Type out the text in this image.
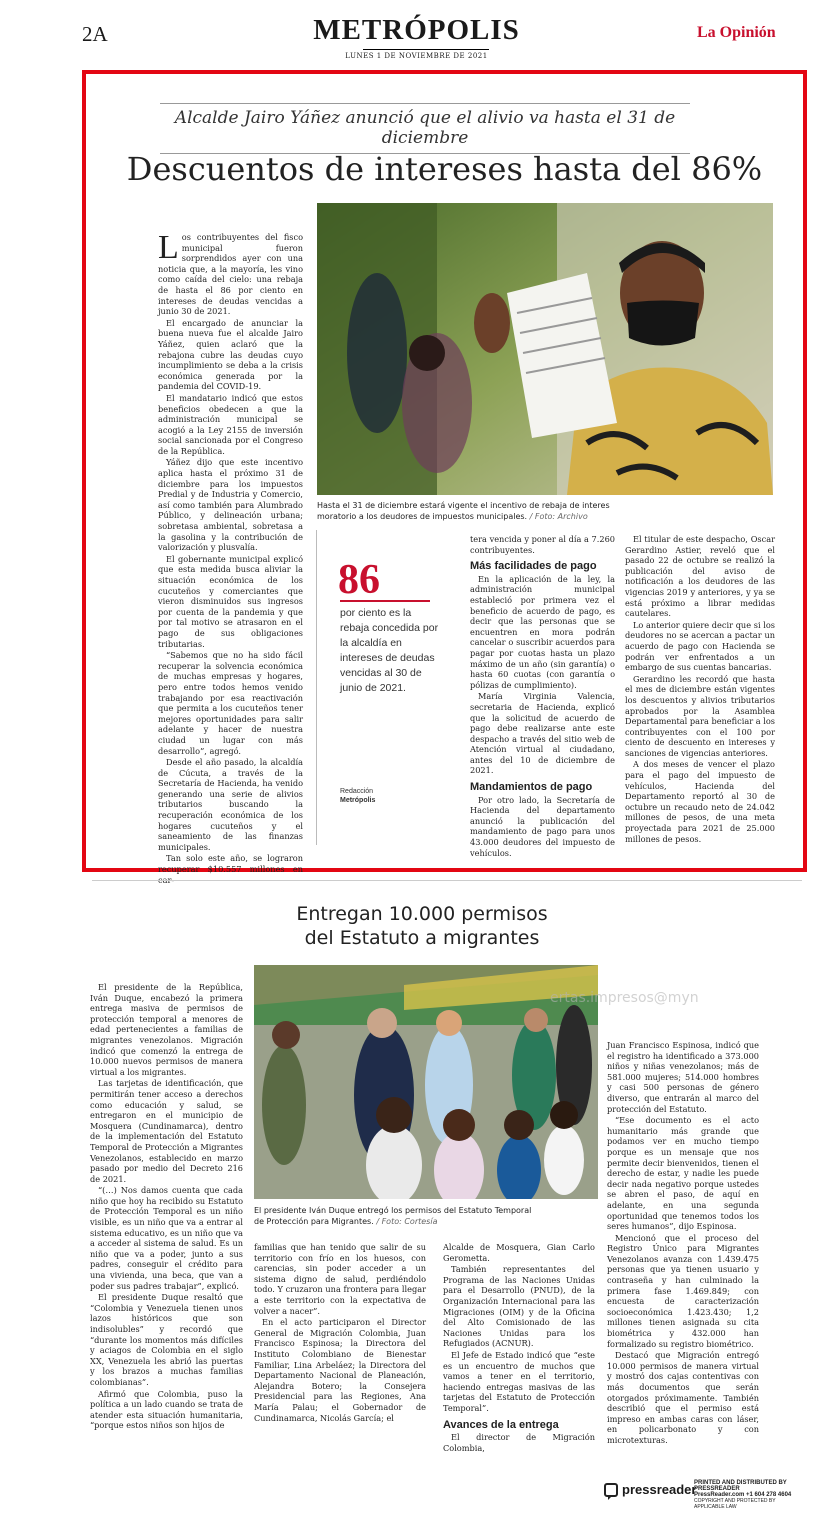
2A	METRÓPOLIS
LUNES 1 DE NOVIEMBRE DE 2021
La Opinión
Alcalde Jairo Yáñez anunció que el alivio va hasta el 31 de diciembre
Descuentos de intereses hasta del 86%
Hasta el 31 de diciembre estará vigente el incentivo de rebaja de interes moratorio a los deudores de impuestos municipales. / Foto: Archivo

Los contribuyentes del fisco municipal fueron sorprendidos ayer con una noticia que, a la mayoría, les vino como caída del cielo: una rebaja de hasta el 86 por ciento en intereses de deudas vencidas a junio 30 de 2021.

El encargado de anunciar la buena nueva fue el alcalde Jairo Yáñez, quien aclaró que la rebajona cubre las deudas cuyo incumplimiento se deba a la crisis económica generada por la pandemia del COVID-19.

El mandatario indicó que estos beneficios obedecen a que la administración municipal se acogió a la Ley 2155 de inversión social sancionada por el Congreso de la República.

Yáñez dijo que este incentivo aplica hasta el próximo 31 de diciembre para los impuestos Predial y de Industria y Comercio, así como también para Alumbrado Público, y delineación urbana; sobretasa ambiental, sobretasa a la gasolina y la contribución de valorización y plusvalía.

El gobernante municipal explicó que esta medida busca aliviar la situación económica de los cucuteños y comerciantes que vieron disminuidos sus ingresos por cuenta de la pandemia y que por tal motivo se atrasaron en el pago de sus obligaciones tributarias.

“Sabemos que no ha sido fácil recuperar la solvencia económica de muchas empresas y hogares, pero entre todos hemos venido trabajando por esa reactivación que permita a los cucuteños tener mejores oportunidades para salir adelante y hacer de nuestra ciudad un lugar con más desarrollo”, agregó.

Desde el año pasado, la alcaldía de Cúcuta, a través de la Secretaría de Hacienda, ha venido generando una serie de alivios tributarios buscando la recuperación económica de los hogares cucuteños y el saneamiento de las finanzas municipales.

Tan solo este año, se lograron recuperar $10.557 millones en car-

86
por ciento es la rebaja concedida por la alcaldía en intereses de deudas vencidas al 30 de junio de 2021.
Redacción
Metrópolis

tera vencida y poner al día a 7.260 contribuyentes.

Más facilidades de pago

En la aplicación de la ley, la administración municipal estableció por primera vez el beneficio de acuerdo de pago, es decir que las personas que se encuentren en mora podrán cancelar o suscribir acuerdos para pagar por cuotas hasta un plazo máximo de un año (sin garantía) o hasta 60 cuotas (con garantía o pólizas de cumplimiento).

María Virginia Valencia, secretaria de Hacienda, explicó que la solicitud de acuerdo de pago debe realizarse ante este despacho a través del sitio web de Atención virtual al ciudadano, antes del 10 de diciembre de 2021.

Mandamientos de pago

Por otro lado, la Secretaría de Hacienda del departamento anunció la publicación del mandamiento de pago para unos 43.000 deudores del impuesto de vehículos.

El titular de este despacho, Oscar Gerardino Astier, reveló que el pasado 22 de octubre se realizó la publicación del aviso de notificación a los deudores de las vigencias 2019 y anteriores, y ya se está próximo a librar medidas cautelares.

Lo anterior quiere decir que si los deudores no se acercan a pactar un acuerdo de pago con Hacienda se podrán ver enfrentados a un embargo de sus cuentas bancarias.

Gerardino les recordó que hasta el mes de diciembre están vigentes los descuentos y alivios tributarios aprobados por la Asamblea Departamental para beneficiar a los contribuyentes con el 100 por ciento de descuento en intereses y sanciones de vigencias anteriores.

A dos meses de vencer el plazo para el pago del impuesto de vehículos, Hacienda del Departamento reportó al 30 de octubre un recaudo neto de 24.042 millones de pesos, de una meta proyectada para 2021 de 25.000 millones de pesos.

Entregan 10.000 permisos
del Estatuto a migrantes
ertas.impresos@myn
El presidente Iván Duque entregó los permisos del Estatuto Temporal de Protección para Migrantes. / Foto: Cortesía

El presidente de la República, Iván Duque, encabezó la primera entrega masiva de permisos de protección temporal a menores de edad pertenecientes a familias de migrantes venezolanos. Migración indicó que comenzó la entrega de 10.000 nuevos permisos de manera virtual a los migrantes.

Las tarjetas de identificación, que permitirán tener acceso a derechos como educación y salud, se entregaron en el municipio de Mosquera (Cundinamarca), dentro de la implementación del Estatuto Temporal de Protección a Migrantes Venezolanos, establecido en marzo pasado por medio del Decreto 216 de 2021.

“(…) Nos damos cuenta que cada niño que hoy ha recibido su Estatuto de Protección Temporal es un niño visible, es un niño que va a entrar al sistema educativo, es un niño que va a acceder al sistema de salud. Es un niño que va a poder, junto a sus padres, conseguir el crédito para una vivienda, una beca, que van a poder sus padres trabajar”, explicó.

El presidente Duque resaltó que “Colombia y Venezuela tienen unos lazos históricos que son indisolubles” y recordó que “durante los momentos más difíciles y aciagos de Colombia en el siglo XX, Venezuela les abrió las puertas y los brazos a muchas familias colombianas”.

Afirmó que Colombia, puso la política a un lado cuando se trata de atender esta situación humanitaria, “porque estos niños son hijos de

familias que han tenido que salir de su territorio con frío en los huesos, con carencias, sin poder acceder a un sistema digno de salud, perdiéndolo todo. Y cruzaron una frontera para llegar a este territorio con la expectativa de volver a nacer”.

En el acto participaron el Director General de Migración Colombia, Juan Francisco Espinosa; la Directora del Instituto Colombiano de Bienestar Familiar, Lina Arbeláez; la Directora del Departamento Nacional de Planeación, Alejandra Botero; la Consejera Presidencial para las Regiones, Ana María Palau; el Gobernador de Cundinamarca, Nicolás García; el

Alcalde de Mosquera, Gian Carlo Gerometta.

También representantes del Programa de las Naciones Unidas para el Desarrollo (PNUD), de la Organización Internacional para las Migraciones (OIM) y de la Oficina del Alto Comisionado de las Naciones Unidas para los Refugiados (ACNUR).

El Jefe de Estado indicó que “este es un encuentro de muchos que vamos a tener en el territorio, haciendo entregas masivas de las tarjetas del Estatuto de Protección Temporal”.

Avances de la entrega

El director de Migración Colombia,

Juan Francisco Espinosa, indicó que el registro ha identificado a 373.000 niños y niñas venezolanos; más de 581.000 mujeres; 514.000 hombres y casi 500 personas de género diverso, que entrarán al marco del protección del Estatuto.

“Ese documento es el acto humanitario más grande que podamos ver en mucho tiempo porque es un mensaje que nos permite decir bienvenidos, tienen el derecho de estar, y nadie les puede decir nada negativo porque ustedes se abren el paso, de aquí en adelante, en una segunda oportunidad que tenemos todos los seres humanos”, dijo Espinosa.

Mencionó que el proceso del Registro Único para Migrantes Venezolanos avanza con 1.439.475 personas que ya tienen usuario y contraseña y han culminado la primera fase 1.469.849; con encuesta de caracterización socioeconómica 1.423.430; 1,2 millones tienen asignada su cita biométrica y 432.000 han formalizado su registro biométrico.

Destacó que Migración entregó 10.000 permisos de manera virtual y mostró dos cajas contentivas con más documentos que serán otorgados próximamente. También describió que el permiso está impreso en ambas caras con láser, en policarbonato y con microtexturas.

pressreader
PRINTED AND DISTRIBUTED BY PRESSREADER
PressReader.com +1 604 278 4604
COPYRIGHT AND PROTECTED BY APPLICABLE LAW
